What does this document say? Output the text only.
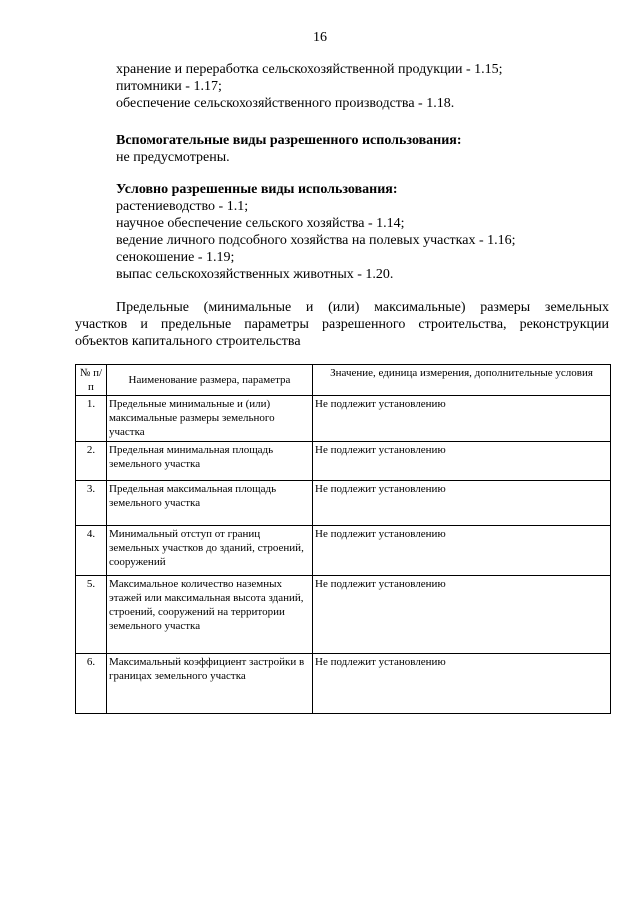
16
хранение и переработка сельскохозяйственной продукции - 1.15;
питомники - 1.17;
обеспечение сельскохозяйственного производства - 1.18.
Вспомогательные виды разрешенного использования:
не предусмотрены.
Условно разрешенные виды использования:
растениеводство - 1.1;
научное обеспечение сельского хозяйства - 1.14;
ведение личного подсобного хозяйства на полевых участках - 1.16;
сенокошение - 1.19;
выпас сельскохозяйственных животных - 1.20.
Предельные (минимальные и (или) максимальные) размеры земельных
участков и предельные параметры разрешенного строительства, реконструкции
объектов капитального строительства
№ п/п	Наименование размера, параметра	Значение, единица измерения, дополнительные условия
1.	Предельные минимальные и (или) максимальные размеры земельного участка	Не подлежит установлению
2.	Предельная минимальная площадь земельного участка	Не подлежит установлению
3.	Предельная максимальная площадь земельного участка	Не подлежит установлению
4.	Минимальный отступ от границ земельных участков до зданий, строений, сооружений	Не подлежит установлению
5.	Максимальное количество наземных этажей или максимальная высота зданий, строений, сооружений на территории земельного участка	Не подлежит установлению
6.	Максимальный коэффициент застройки в границах земельного участка	Не подлежит установлению
